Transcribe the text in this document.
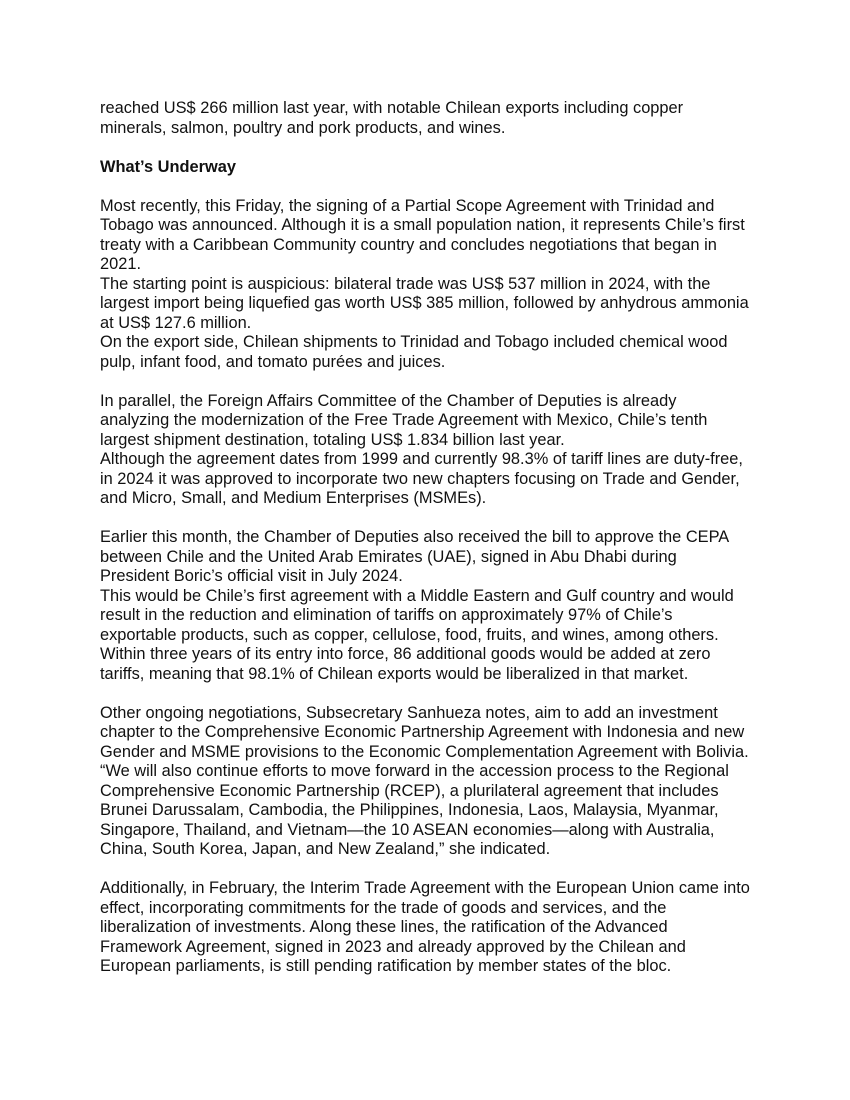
reached US$ 266 million last year, with notable Chilean exports including copper minerals, salmon, poultry and pork products, and wines.

What’s Underway

Most recently, this Friday, the signing of a Partial Scope Agreement with Trinidad and Tobago was announced. Although it is a small population nation, it represents Chile’s first treaty with a Caribbean Community country and concludes negotiations that began in 2021.

The starting point is auspicious: bilateral trade was US$ 537 million in 2024, with the largest import being liquefied gas worth US$ 385 million, followed by anhydrous ammonia at US$ 127.6 million.

On the export side, Chilean shipments to Trinidad and Tobago included chemical wood pulp, infant food, and tomato purées and juices.

In parallel, the Foreign Affairs Committee of the Chamber of Deputies is already analyzing the modernization of the Free Trade Agreement with Mexico, Chile’s tenth largest shipment destination, totaling US$ 1.834 billion last year.

Although the agreement dates from 1999 and currently 98.3% of tariff lines are duty-free, in 2024 it was approved to incorporate two new chapters focusing on Trade and Gender, and Micro, Small, and Medium Enterprises (MSMEs).

Earlier this month, the Chamber of Deputies also received the bill to approve the CEPA between Chile and the United Arab Emirates (UAE), signed in Abu Dhabi during President Boric’s official visit in July 2024.

This would be Chile’s first agreement with a Middle Eastern and Gulf country and would result in the reduction and elimination of tariffs on approximately 97% of Chile’s exportable products, such as copper, cellulose, food, fruits, and wines, among others. Within three years of its entry into force, 86 additional goods would be added at zero tariffs, meaning that 98.1% of Chilean exports would be liberalized in that market.

Other ongoing negotiations, Subsecretary Sanhueza notes, aim to add an investment chapter to the Comprehensive Economic Partnership Agreement with Indonesia and new Gender and MSME provisions to the Economic Complementation Agreement with Bolivia.

“We will also continue efforts to move forward in the accession process to the Regional Comprehensive Economic Partnership (RCEP), a plurilateral agreement that includes Brunei Darussalam, Cambodia, the Philippines, Indonesia, Laos, Malaysia, Myanmar, Singapore, Thailand, and Vietnam—the 10 ASEAN economies—along with Australia, China, South Korea, Japan, and New Zealand,” she indicated.

Additionally, in February, the Interim Trade Agreement with the European Union came into effect, incorporating commitments for the trade of goods and services, and the liberalization of investments. Along these lines, the ratification of the Advanced Framework Agreement, signed in 2023 and already approved by the Chilean and European parliaments, is still pending ratification by member states of the bloc.
